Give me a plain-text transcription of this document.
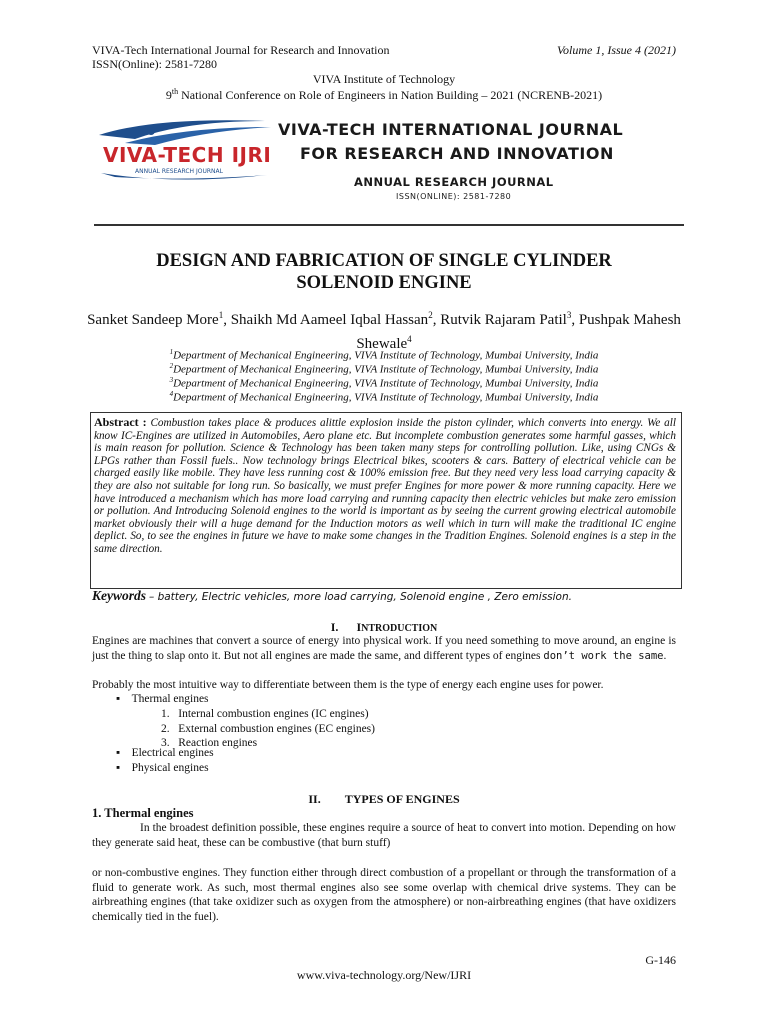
VIVA-Tech International Journal for Research and Innovation	Volume 1, Issue 4 (2021)
ISSN(Online): 2581-7280
VIVA Institute of Technology
9th National Conference on Role of Engineers in Nation Building – 2021 (NCRENB-2021)
VIVA-TECH IJRI
ANNUAL RESEARCH JOURNAL
VIVA-TECH INTERNATIONAL JOURNAL
FOR RESEARCH AND INNOVATION
ANNUAL RESEARCH JOURNAL
ISSN(ONLINE): 2581-7280
DESIGN AND FABRICATION OF SINGLE CYLINDER
SOLENOID ENGINE
Sanket Sandeep More$^1$, Shaikh Md Aameel Iqbal Hassan$^2$, Rutvik Rajaram Patil$^3$, Pushpak Mahesh Shewale$^4$
$^1$Department of Mechanical Engineering, VIVA Institute of Technology, Mumbai University, India
$^2$Department of Mechanical Engineering, VIVA Institute of Technology, Mumbai University, India
$^3$Department of Mechanical Engineering, VIVA Institute of Technology, Mumbai University, India
$^4$Department of Mechanical Engineering, VIVA Institute of Technology, Mumbai University, India
Abstract : Combustion takes place & produces alittle explosion inside the piston cylinder, which converts into energy. We all know IC-Engines are utilized in Automobiles, Aero plane etc. But incomplete combustion generates some harmful gasses, which is main reason for pollution. Science & Technology has been taken many steps for controlling pollution. Like, using CNGs & LPGs rather than Fossil fuels.. Now technology brings Electrical bikes, scooters & cars. Battery of electrical vehicle can be charged easily like mobile. They have less running cost & 100% emission free. But they need very less load carrying capacity & they are also not suitable for long run. So basically, we must prefer Engines for more power & more running capacity. Here we have introduced a mechanism which has more load carrying and running capacity then electric vehicles but make zero emission or pollution. And Introducing Solenoid engines to the world is important as by seeing the current growing electrical automobile market obviously their will a huge demand for the Induction motors as well which in turn will make the traditional IC engine deplict. So, to see the engines in future we have to make some changes in the Tradition Engines. Solenoid engines is a step in the same direction.
Keywords – battery, Electric vehicles, more load carrying, Solenoid engine , Zero emission.
I. INTRODUCTION
Engines are machines that convert a source of energy into physical work. If you need something to move around, an engine is just the thing to slap onto it. But not all engines are made the same, and different types of engines don’t work the same.
Probably the most intuitive way to differentiate between them is the type of energy each engine uses for power.
▪    Thermal engines
1. Internal combustion engines (IC engines)
2. External combustion engines (EC engines)
3. Reaction engines
▪    Electrical engines
▪    Physical engines
II. TYPES OF ENGINES
1. Thermal engines
In the broadest definition possible, these engines require a source of heat to convert into motion. Depending on how they generate said heat, these can be combustive (that burn stuff)
or non-combustive engines. They function either through direct combustion of a propellant or through the transformation of a fluid to generate work. As such, most thermal engines also see some overlap with chemical drive systems. They can be airbreathing engines (that take oxidizer such as oxygen from the atmosphere) or non-airbreathing engines (that have oxidizers chemically tied in the fuel).
G-146
www.viva-technology.org/New/IJRI
